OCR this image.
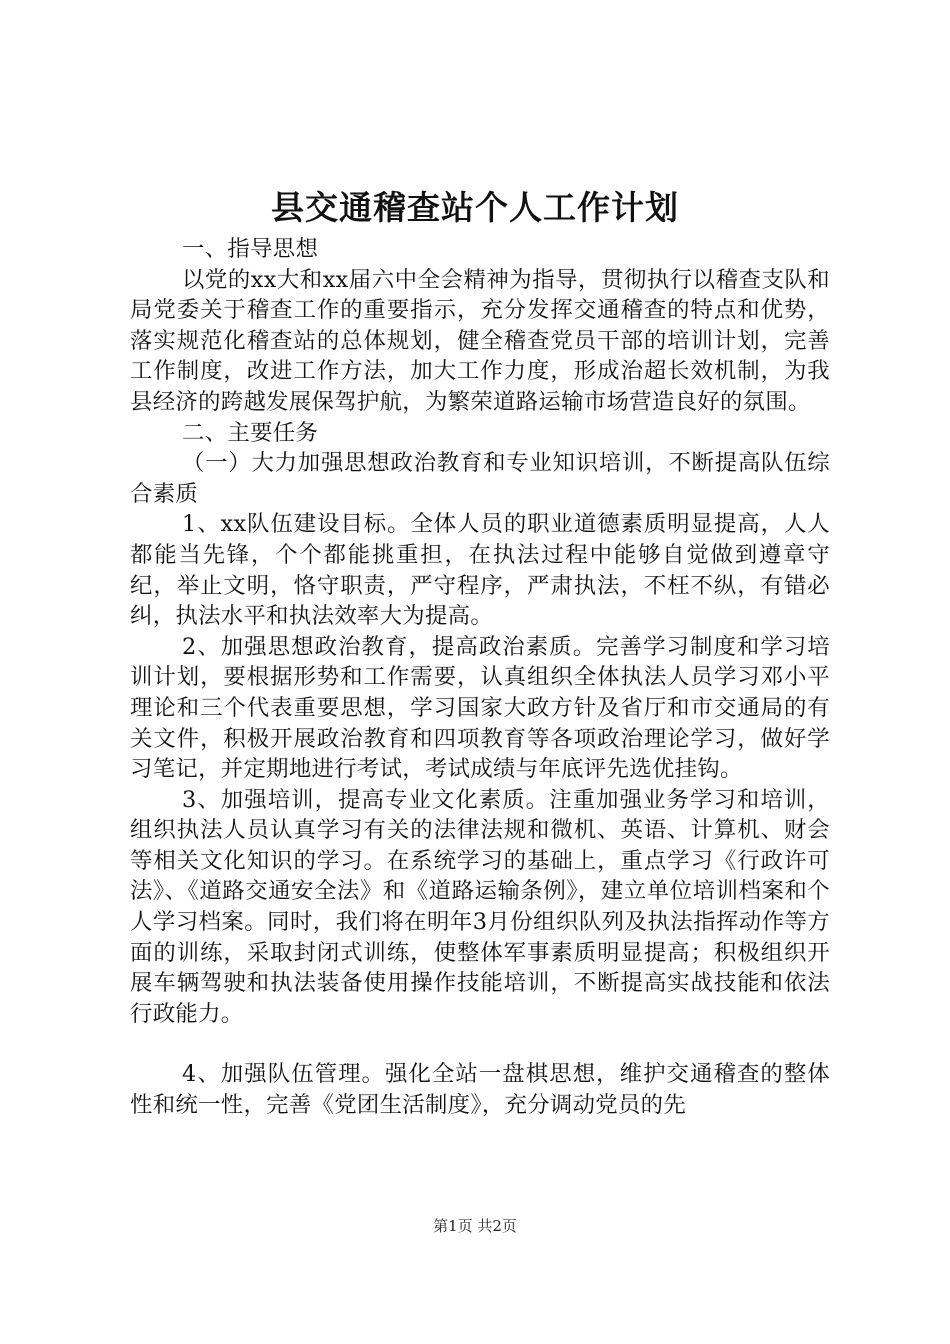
县交通稽查站个人工作计划

一、指导思想

以党的xx大和xx届六中全会精神为指导，贯彻执行以稽查支队和局党委关于稽查工作的重要指示，充分发挥交通稽查的特点和优势，落实规范化稽查站的总体规划，健全稽查党员干部的培训计划，完善工作制度，改进工作方法，加大工作力度，形成治超长效机制，为我县经济的跨越发展保驾护航，为繁荣道路运输市场营造良好的氛围。

二、主要任务

（一）大力加强思想政治教育和专业知识培训，不断提高队伍综合素质

1、xx队伍建设目标。全体人员的职业道德素质明显提高，人人都能当先锋，个个都能挑重担，在执法过程中能够自觉做到遵章守纪，举止文明，恪守职责，严守程序，严肃执法，不枉不纵，有错必纠，执法水平和执法效率大为提高。

2、加强思想政治教育，提高政治素质。完善学习制度和学习培训计划，要根据形势和工作需要，认真组织全体执法人员学习邓小平理论和三个代表重要思想，学习国家大政方针及省厅和市交通局的有关文件，积极开展政治教育和四项教育等各项政治理论学习，做好学习笔记，并定期地进行考试，考试成绩与年底评先选优挂钩。

3、加强培训，提高专业文化素质。注重加强业务学习和培训，组织执法人员认真学习有关的法律法规和微机、英语、计算机、财会等相关文化知识的学习。在系统学习的基础上，重点学习《行政许可法》、《道路交通安全法》和《道路运输条例》，建立单位培训档案和个人学习档案。同时，我们将在明年3月份组织队列及执法指挥动作等方面的训练，采取封闭式训练，使整体军事素质明显提高；积极组织开展车辆驾驶和执法装备使用操作技能培训，不断提高实战技能和依法行政能力。

4、加强队伍管理。强化全站一盘棋思想，维护交通稽查的整体性和统一性，完善《党团生活制度》，充分调动党员的先

第1页 共2页
